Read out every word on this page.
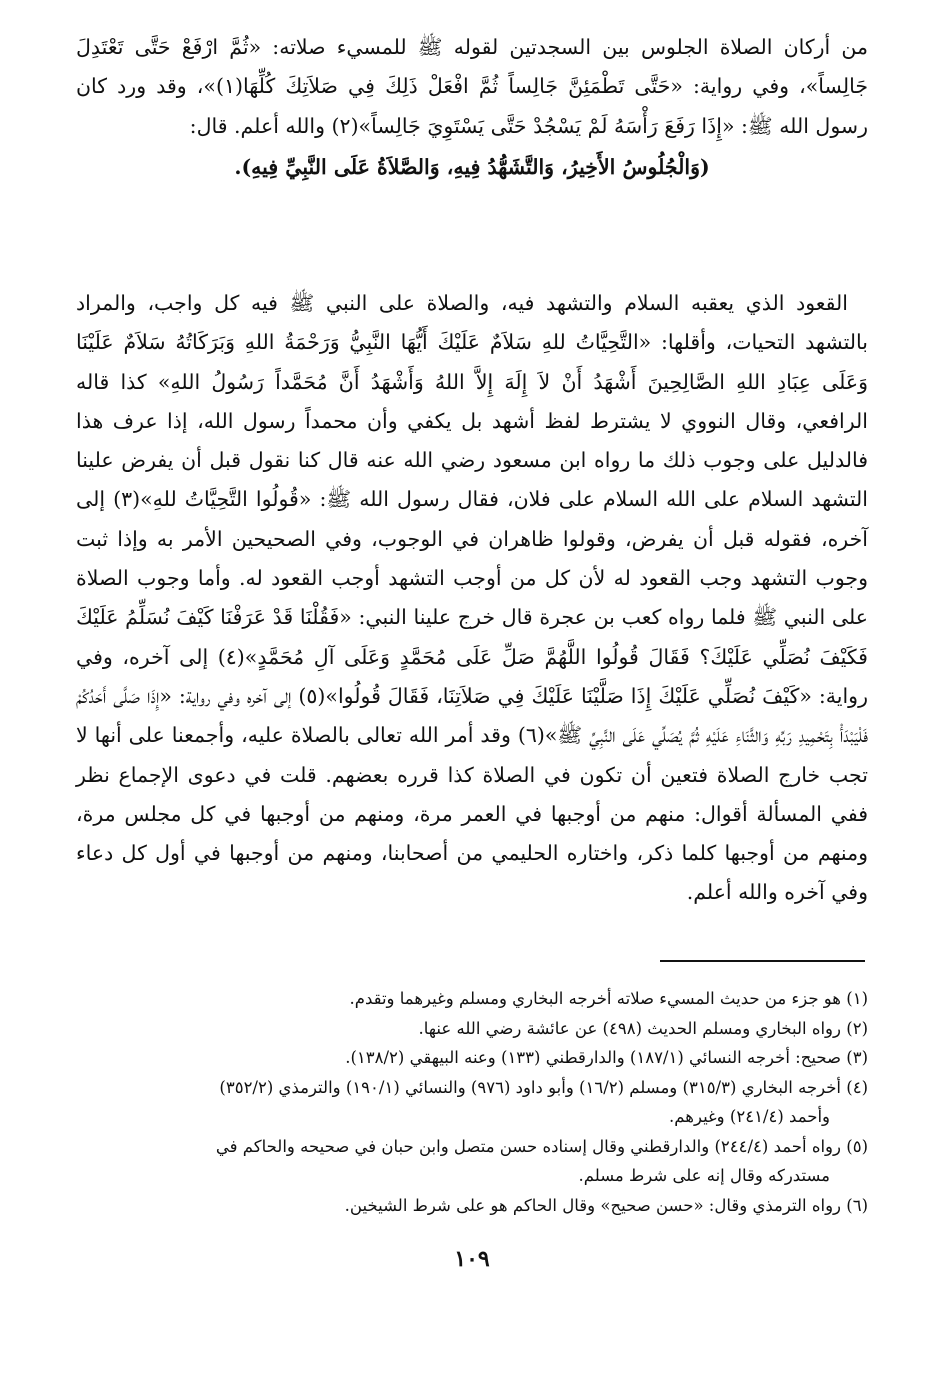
من أركان الصلاة الجلوس بين السجدتين لقوله ﷺ للمسيء صلاته: «ثُمَّ ارْفَعْ حَتَّى تَعْتَدِلَ جَالِساً»، وفي رواية: «حَتَّى تَطْمَئِنَّ جَالِساً ثُمَّ افْعَلْ ذَلِكَ فِي صَلاَتِكَ كُلِّهَا(١)»، وقد ورد كان رسول الله ﷺ: «إِذَا رَفَعَ رَأْسَهُ لَمْ يَسْجُدْ حَتَّى يَسْتَوِيَ جَالِساً»(٢) والله أعلم. قال:

(وَالْجُلُوسُ الأَخِيرُ، وَالتَّشَهُّدُ فِيهِ، وَالصَّلاَةُ عَلَى النَّبِيِّ فِيهِ).

القعود الذي يعقبه السلام والتشهد فيه، والصلاة على النبي ﷺ فيه كل واجب، والمراد بالتشهد التحيات، وأقلها: «التَّحِيَّاتُ للهِ سَلاَمٌ عَلَيْكَ أَيُّهَا النَّبِيُّ وَرَحْمَةُ اللهِ وَبَرَكَاتُهُ سَلاَمٌ عَلَيْنَا وَعَلَى عِبَادِ اللهِ الصَّالِحِينَ أَشْهَدُ أَنْ لاَ إِلَهَ إِلاَّ اللهُ وَأَشْهَدُ أَنَّ مُحَمَّداً رَسُولُ اللهِ» كذا قاله الرافعي، وقال النووي لا يشترط لفظ أشهد بل يكفي وأن محمداً رسول الله، إذا عرف هذا فالدليل على وجوب ذلك ما رواه ابن مسعود رضي الله عنه قال كنا نقول قبل أن يفرض علينا التشهد السلام على الله السلام على فلان، فقال رسول الله ﷺ: «قُولُوا التَّحِيَّاتُ للهِ»(٣) إلى آخره، فقوله قبل أن يفرض، وقولوا ظاهران في الوجوب، وفي الصحيحين الأمر به وإذا ثبت وجوب التشهد وجب القعود له لأن كل من أوجب التشهد أوجب القعود له. وأما وجوب الصلاة على النبي ﷺ فلما رواه كعب بن عجرة قال خرج علينا النبي: «فَقُلْنَا قَدْ عَرَفْنَا كَيْفَ نُسَلِّمُ عَلَيْكَ فَكَيْفَ نُصَلِّي عَلَيْكَ؟ فَقَالَ قُولُوا اللَّهُمَّ صَلِّ عَلَى مُحَمَّدٍ وَعَلَى آلِ مُحَمَّدٍ»(٤) إلى آخره، وفي رواية: «كَيْفَ نُصَلِّي عَلَيْكَ إِذَا صَلَّيْنَا عَلَيْكَ فِي صَلاَتِنَا، فَقَالَ قُولُوا»(٥) إلى آخره وفي رواية: «إِذَا صَلَّى أَحَدُكُمْ فَلْيَبْدَأْ بِتَحْمِيدِ رَبِّهِ وَالثَّنَاءِ عَلَيْهِ ثُمَّ يُصَلِّي عَلَى النَّبِيِّ ﷺ»(٦) وقد أمر الله تعالى بالصلاة عليه، وأجمعنا على أنها لا تجب خارج الصلاة فتعين أن تكون في الصلاة كذا قرره بعضهم. قلت في دعوى الإجماع نظر ففي المسألة أقوال: منهم من أوجبها في العمر مرة، ومنهم من أوجبها في كل مجلس مرة، ومنهم من أوجبها كلما ذكر، واختاره الحليمي من أصحابنا، ومنهم من أوجبها في أول كل دعاء وفي آخره والله أعلم.

(١) هو جزء من حديث المسيء صلاته أخرجه البخاري ومسلم وغيرهما وتقدم.

(٢) رواه البخاري ومسلم الحديث (٤٩٨) عن عائشة رضي الله عنها.

(٣) صحيح: أخرجه النسائي (١٨٧/١) والدارقطني (١٣٣) وعنه البيهقي (١٣٨/٢).

(٤) أخرجه البخاري (٣١٥/٣) ومسلم (١٦/٢) وأبو داود (٩٧٦) والنسائي (١٩٠/١) والترمذي (٣٥٢/٢)

وأحمد (٢٤١/٤) وغيرهم.

(٥) رواه أحمد (٢٤٤/٤) والدارقطني وقال إسناده حسن متصل وابن حبان في صحيحه والحاكم في

مستدركه وقال إنه على شرط مسلم.

(٦) رواه الترمذي وقال: «حسن صحيح» وقال الحاكم هو على شرط الشيخين.

١٠٩
